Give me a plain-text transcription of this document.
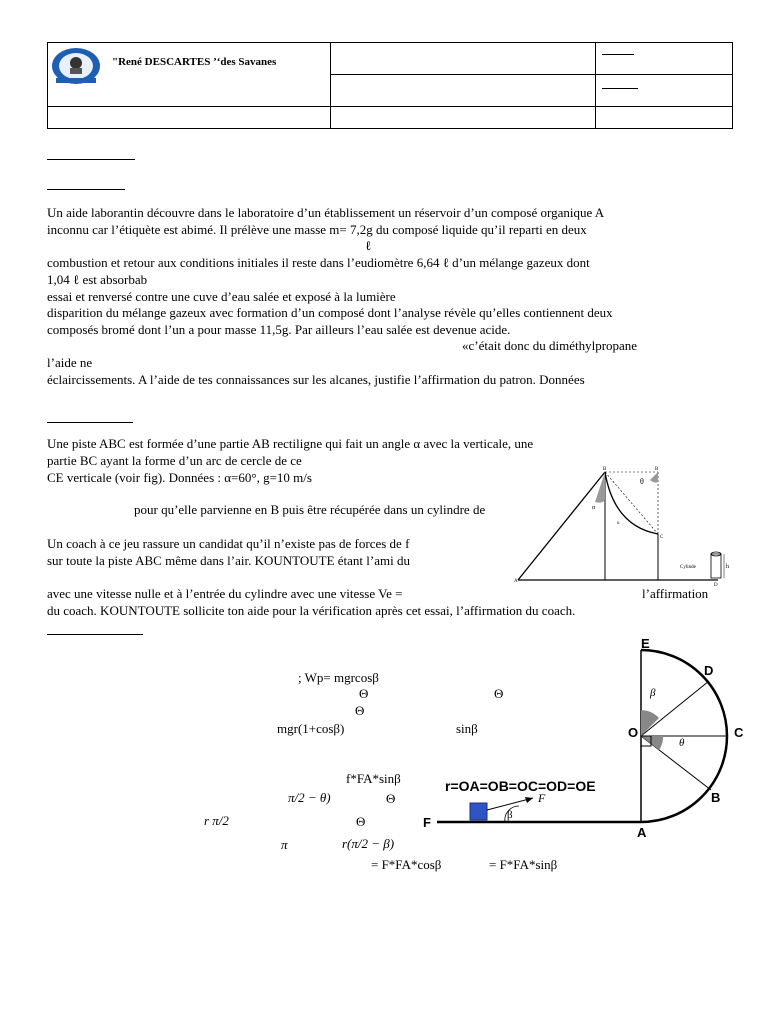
"René DESCARTES ’‘des Savanes		

Un aide laborantin découvre dans le laboratoire d’un établissement un réservoir d’un composé organique A
inconnu car l’étiquète est abimé. Il prélève une masse m= 7,2g du composé liquide qu’il reparti en deux
ℓ
combustion et retour aux conditions initiales il reste dans l’eudiomètre 6,64 ℓ d’un mélange gazeux dont
1,04 ℓ est absorbab
essai et renversé contre une cuve d’eau salée et exposé à la lumière
disparition du mélange gazeux avec formation d’un composé dont l’analyse révèle qu’elles contiennent deux
composés bromé dont l’un a pour masse 11,5g. Par ailleurs l’eau salée est devenue acide.
«c’était donc du diméthylpropane
l’aide ne
éclaircissements. A l’aide de tes connaissances sur les alcanes, justifie l’affirmation du patron. Données
Une piste ABC est formée d’une partie AB rectiligne qui fait un angle α avec la verticale, une
partie BC ayant la forme d’un arc de cercle de ce
CE verticale (voir fig). Données : α=60°, g=10 m/s
pour qu’elle parvienne en B puis être récupérée dans un cylindre de
Un coach à ce jeu rassure un candidat qu’il n’existe pas de forces de f
sur toute la piste ABC même dans l’air. KOUNTOUTE étant l’ami du
avec une vitesse nulle et à l’entrée du cylindre avec une vitesse Ve =	l’affirmation
du coach. KOUNTOUTE sollicite ton aide pour la vérification après cet essai, l’affirmation du coach.
B
θ
B
α
C
Cylinde	h
A
D
u
; Wp= mgrcosβ
Θ	Θ
Θ
mgr(1+cosβ)	sinβ
f*FA*sinβ
π/2 − θ)	Θ
r π/2	Θ
π	r(π/2 − β)
= F*FA*cosβ	= F*FA*sinβ
E
D
O	C
B
A
F
β
θ
β
F
r=OA=OB=OC=OD=OE
